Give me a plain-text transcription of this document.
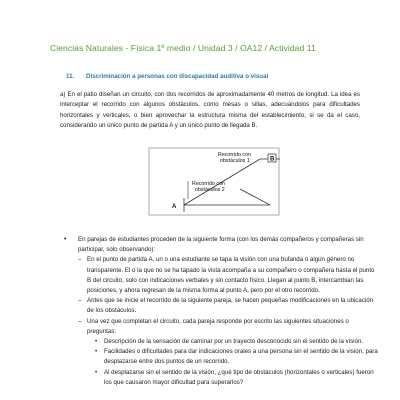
Ciencias Naturales - Física 1º medio / Unidad 3 / OA12 / Actividad 11
11. Discriminación a personas con discapacidad auditiva o visual

a) En el patio diseñan un circuito, con dos recorridos de aproximadamente 40 metros de longitud. La idea es interceptar el recorrido con algunos obstáculos, como mesas o sillas, adecuándolos para dificultades horizontales y verticales, o bien aprovechar la estructura misma del establecimiento, si se da el caso, considerando un único punto de partida A y un único punto de llegada B.

B
Recorrido con
obstáculos 1
A
Recorrido con
obstáculos 2
• En parejas de estudiantes proceden de la siguiente forma (con los demás compañeros y compañeras sin participar, solo observando):
– En el punto de partida A, un o una estudiante se tapa la visión con una bufanda o algún género no transparente. El o la que no se ha tapado la vista acompaña a su compañero o compañera hasta el punto B del circuito, solo con indicaciones verbales y sin contacto físico. Llegan al punto B, intercambian las posiciones, y ahora regresan de la misma forma al punto A, pero por el otro recorrido.
– Antes que se inicie el recorrido de la siguiente pareja, se hacen pequeñas modificaciones en la ubicación de los obstáculos.
– Una vez que completan el circuito, cada pareja responde por escrito las siguientes situaciones o preguntas:
• Descripción de la sensación de caminar por un trayecto desconocido sin el sentido de la visión.
• Facilidades o dificultades para dar indicaciones orales a una persona sin el sentido de la visión, para desplazarse entre dos puntos de un recorrido.
• Al desplazarse sin el sentido de la visión, ¿qué tipo de obstáculos (horizontales o verticales) fueron los que causaron mayor dificultad para superarlos?
